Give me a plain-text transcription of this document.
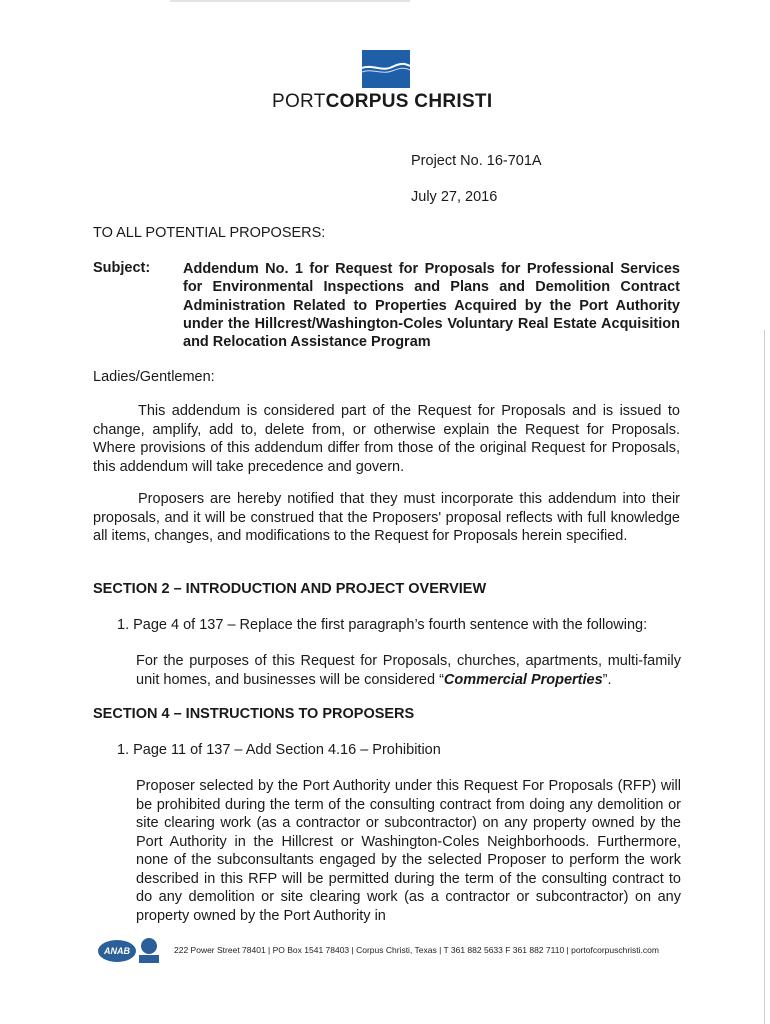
PORTCORPUS CHRISTI
Project No. 16-701A
July 27, 2016
TO ALL POTENTIAL PROPOSERS:
Subject: Addendum No. 1 for Request for Proposals for Professional Services for Environmental Inspections and Plans and Demolition Contract Administration Related to Properties Acquired by the Port Authority under the Hillcrest/Washington-Coles Voluntary Real Estate Acquisition and Relocation Assistance Program
Ladies/Gentlemen:
This addendum is considered part of the Request for Proposals and is issued to change, amplify, add to, delete from, or otherwise explain the Request for Proposals. Where provisions of this addendum differ from those of the original Request for Proposals, this addendum will take precedence and govern.
Proposers are hereby notified that they must incorporate this addendum into their proposals, and it will be construed that the Proposers' proposal reflects with full knowledge all items, changes, and modifications to the Request for Proposals herein specified.
SECTION 2 – INTRODUCTION AND PROJECT OVERVIEW
1. Page 4 of 137 – Replace the first paragraph’s fourth sentence with the following:
For the purposes of this Request for Proposals, churches, apartments, multi-family unit homes, and businesses will be considered “Commercial Properties”.
SECTION 4 – INSTRUCTIONS TO PROPOSERS
1. Page 11 of 137 – Add Section 4.16 – Prohibition
Proposer selected by the Port Authority under this Request For Proposals (RFP) will be prohibited during the term of the consulting contract from doing any demolition or site clearing work (as a contractor or subcontractor) on any property owned by the Port Authority in the Hillcrest or Washington-Coles Neighborhoods. Furthermore, none of the subconsultants engaged by the selected Proposer to perform the work described in this RFP will be permitted during the term of the consulting contract to do any demolition or site clearing work (as a contractor or subcontractor) on any property owned by the Port Authority in
ANAB	222 Power Street 78401 | PO Box 1541 78403 | Corpus Christi, Texas | T 361 882 5633 F 361 882 7110 | portofcorpuschristi.com
